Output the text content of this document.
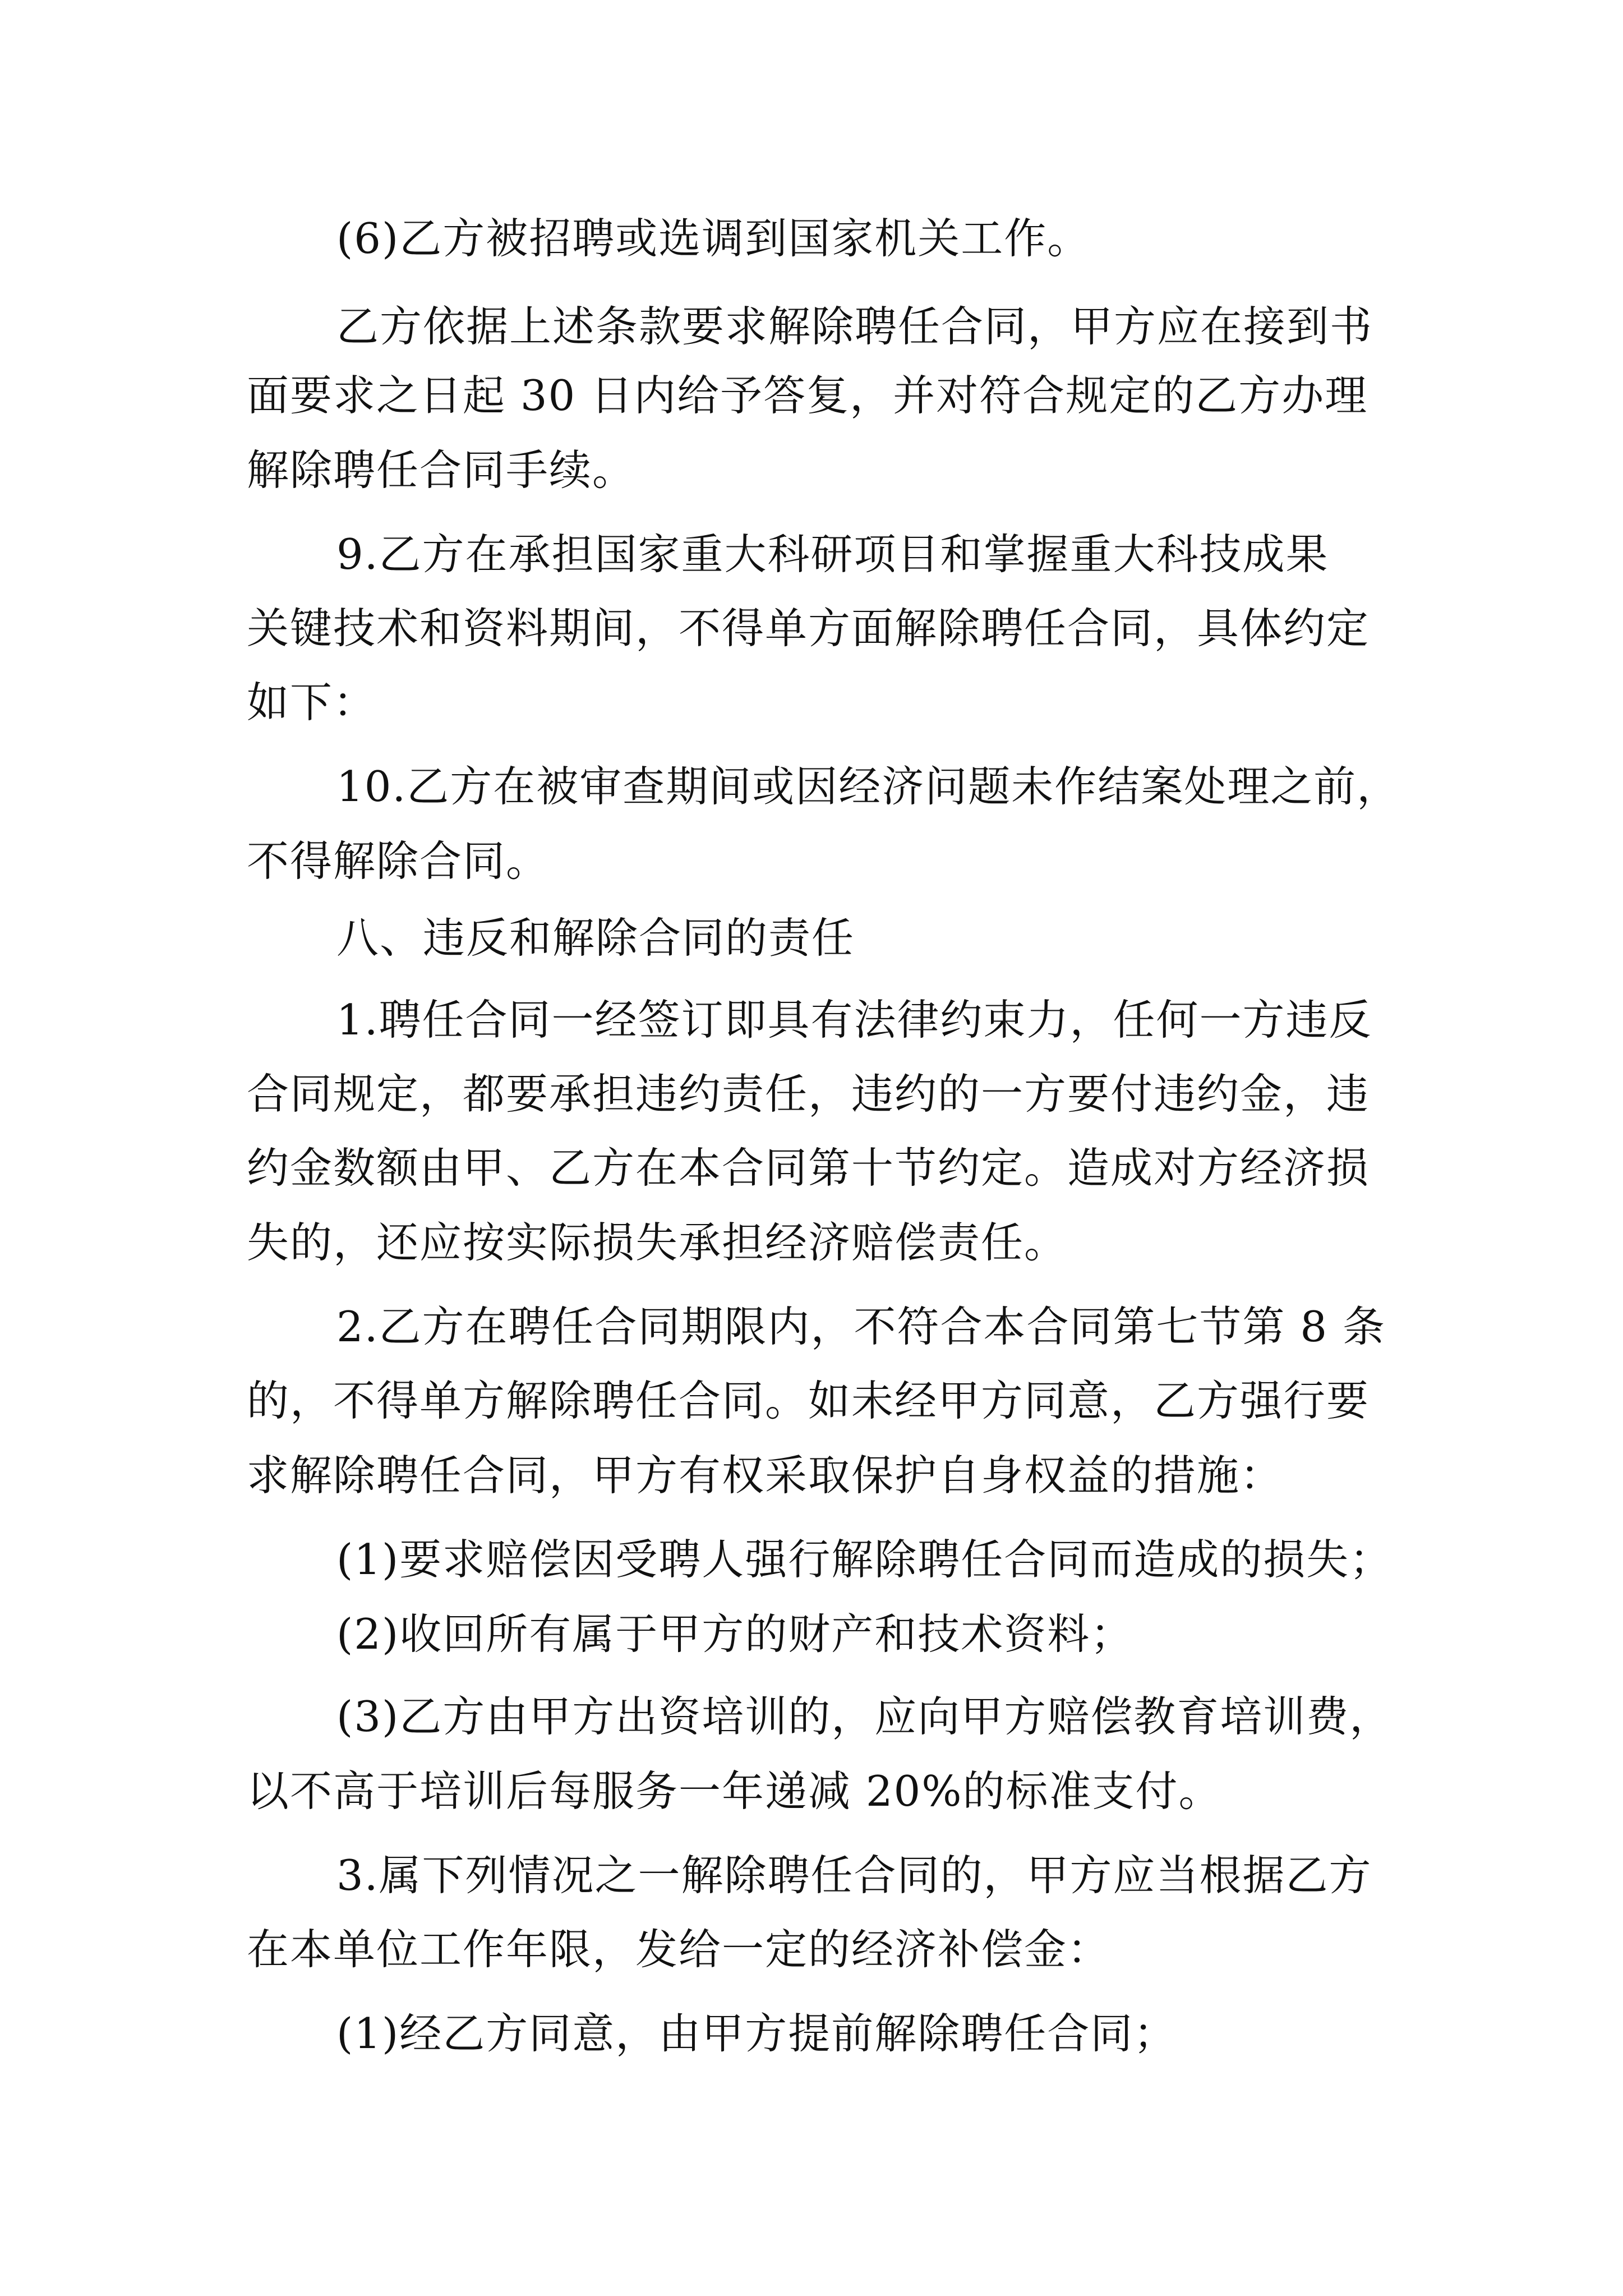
(6)乙方被招聘或选调到国家机关工作。
乙方依据上述条款要求解除聘任合同，甲方应在接到书
面要求之日起 30 日内给予答复，并对符合规定的乙方办理
解除聘任合同手续。
9.乙方在承担国家重大科研项目和掌握重大科技成果
关键技术和资料期间，不得单方面解除聘任合同，具体约定
如下：
10.乙方在被审查期间或因经济问题未作结案处理之前，
不得解除合同。
八、违反和解除合同的责任
1.聘任合同一经签订即具有法律约束力，任何一方违反
合同规定，都要承担违约责任，违约的一方要付违约金，违
约金数额由甲、乙方在本合同第十节约定。造成对方经济损
失的，还应按实际损失承担经济赔偿责任。
2.乙方在聘任合同期限内，不符合本合同第七节第 8 条
的，不得单方解除聘任合同。如未经甲方同意，乙方强行要
求解除聘任合同，甲方有权采取保护自身权益的措施：
(1)要求赔偿因受聘人强行解除聘任合同而造成的损失；
(2)收回所有属于甲方的财产和技术资料；
(3)乙方由甲方出资培训的，应向甲方赔偿教育培训费，
以不高于培训后每服务一年递减 20%的标准支付。
3.属下列情况之一解除聘任合同的，甲方应当根据乙方
在本单位工作年限，发给一定的经济补偿金：
(1)经乙方同意，由甲方提前解除聘任合同；
